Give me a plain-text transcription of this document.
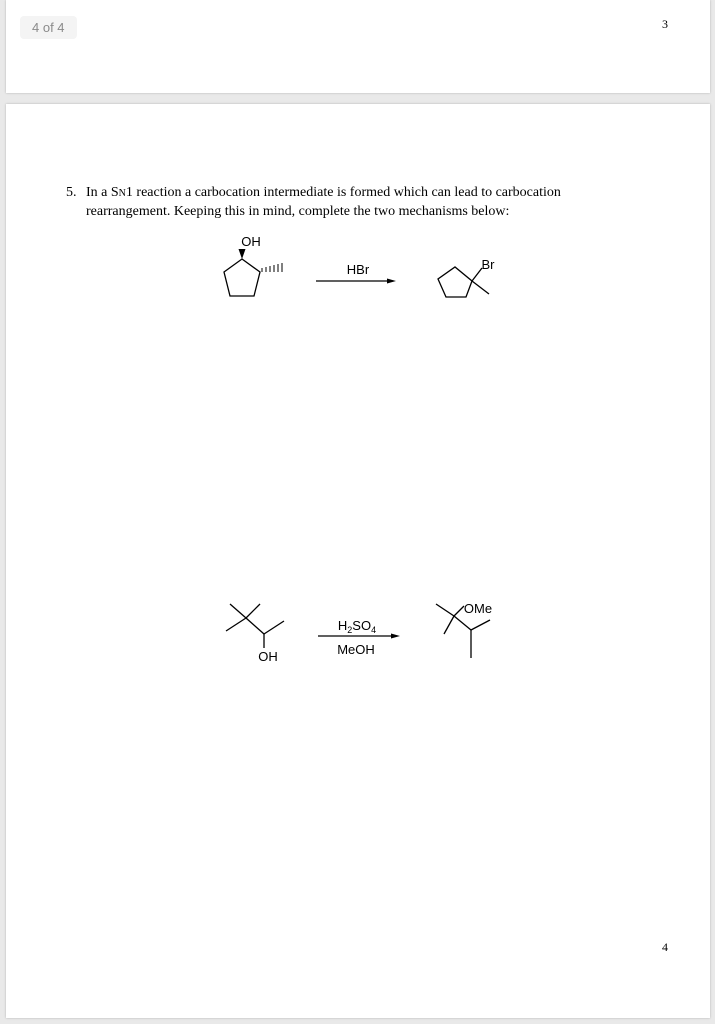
4 of 4	3
5. In a SN1 reaction a carbocation intermediate is formed which can lead to carbocation rearrangement. Keeping this in mind, complete the two mechanisms below:
OH
HBr	Br
OH
$H_2SO_4$
MeOH
OMe
4
